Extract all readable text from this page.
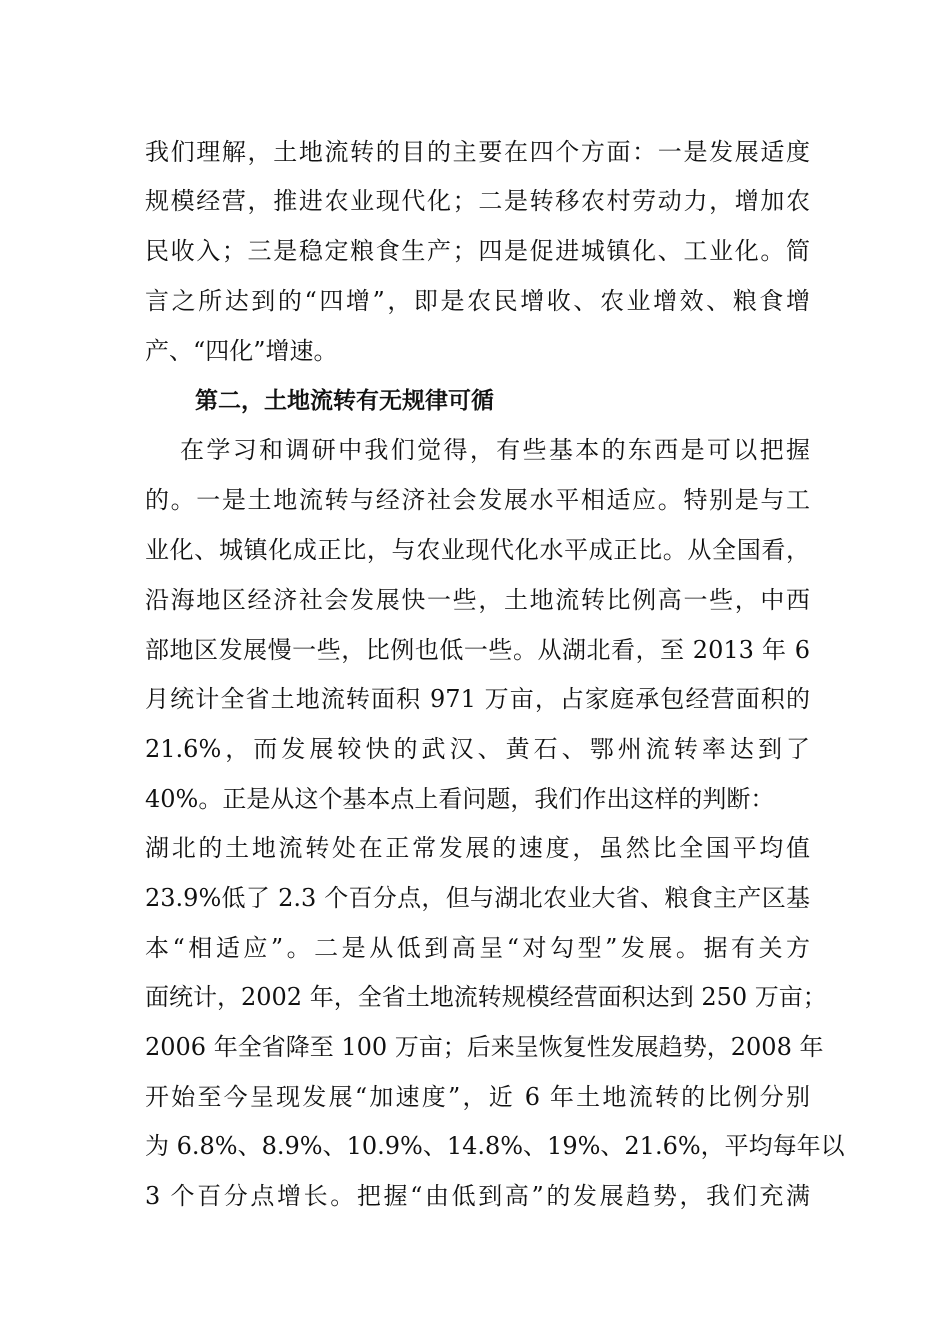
我们理解，土地流转的目的主要在四个方面：一是发展适度
规模经营，推进农业现代化；二是转移农村劳动力，增加农
民收入；三是稳定粮食生产；四是促进城镇化、工业化。简
言之所达到的“四增”，即是农民增收、农业增效、粮食增
产、“四化”增速。
第二，土地流转有无规律可循
在学习和调研中我们觉得，有些基本的东西是可以把握
的。一是土地流转与经济社会发展水平相适应。特别是与工
业化、城镇化成正比，与农业现代化水平成正比。从全国看，
沿海地区经济社会发展快一些，土地流转比例高一些，中西
部地区发展慢一些，比例也低一些。从湖北看，至 2013 年 6
月统计全省土地流转面积 971 万亩，占家庭承包经营面积的
21.6%，而发展较快的武汉、黄石、鄂州流转率达到了
40%。正是从这个基本点上看问题，我们作出这样的判断：
湖北的土地流转处在正常发展的速度，虽然比全国平均值
23.9%低了 2.3 个百分点，但与湖北农业大省、粮食主产区基
本“相适应”。二是从低到高呈“对勾型”发展。据有关方
面统计，2002 年，全省土地流转规模经营面积达到 250 万亩；
2006 年全省降至 100 万亩；后来呈恢复性发展趋势，2008 年
开始至今呈现发展“加速度”，近 6 年土地流转的比例分别
为 6.8%、8.9%、10.9%、14.8%、19%、21.6%，平均每年以
3 个百分点增长。把握“由低到高”的发展趋势，我们充满
